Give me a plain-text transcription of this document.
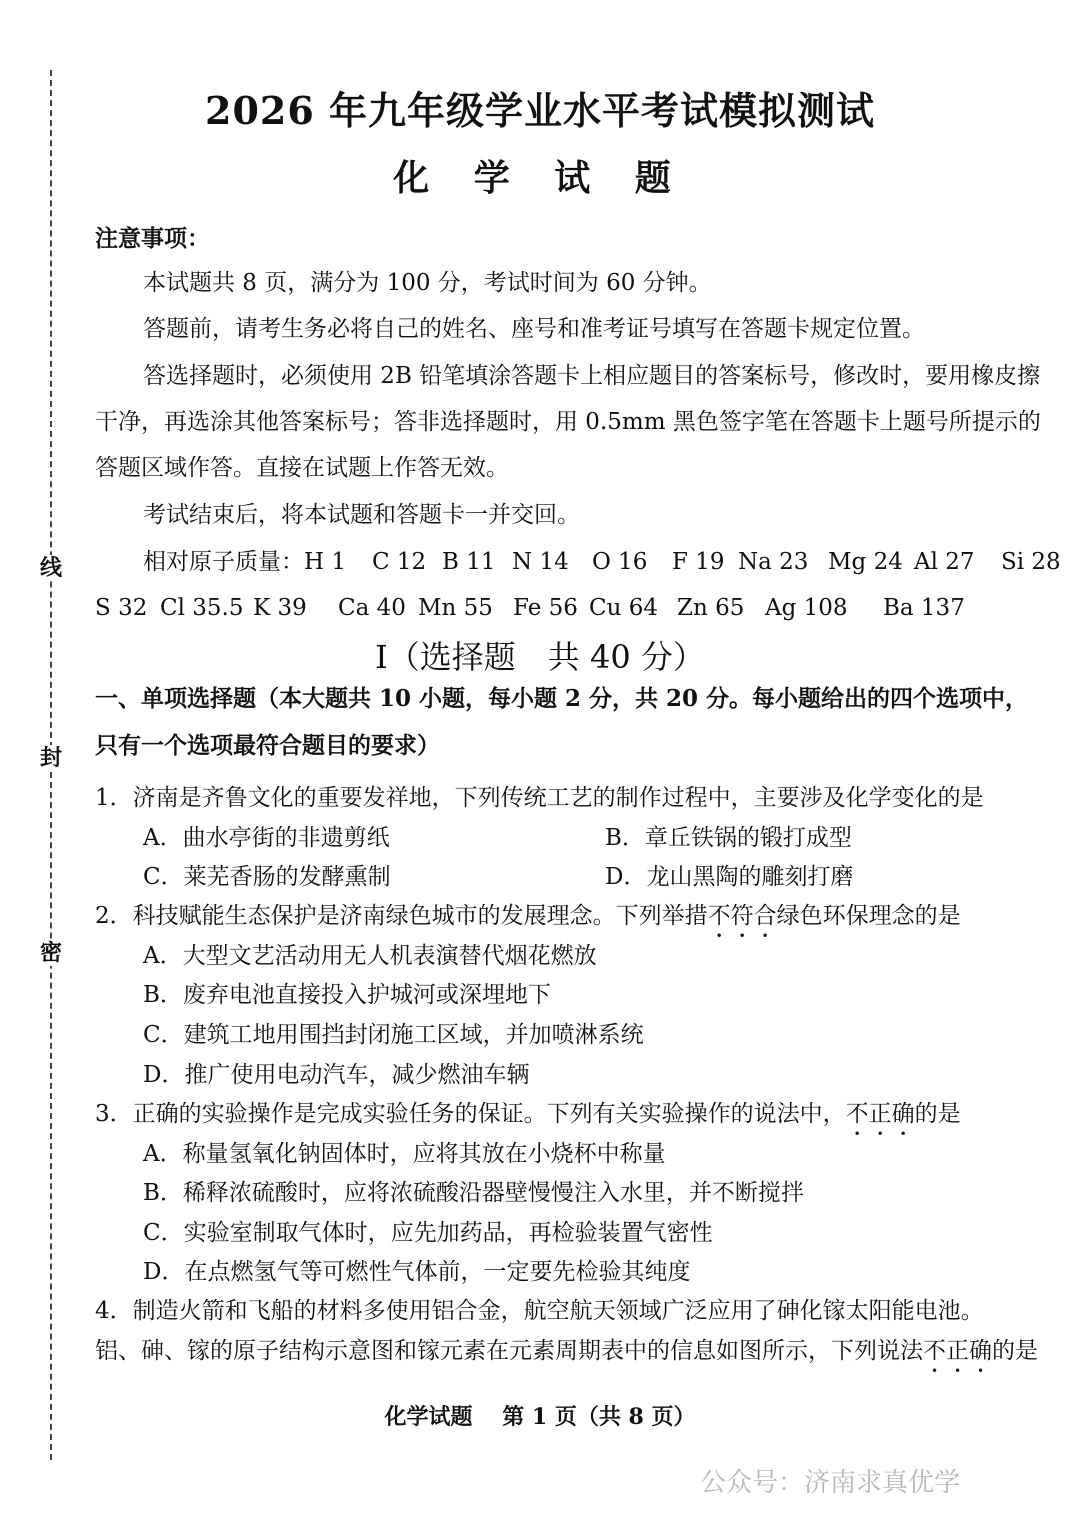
线
封
密
2026 年九年级学业水平考试模拟测试
化 学 试 题
注意事项：
本试题共 8 页，满分为 100 分，考试时间为 60 分钟。
答题前，请考生务必将自己的姓名、座号和准考证号填写在答题卡规定位置。
答选择题时，必须使用 2B 铅笔填涂答题卡上相应题目的答案标号，修改时，要用橡皮擦
干净，再选涂其他答案标号；答非选择题时，用 0.5mm 黑色签字笔在答题卡上题号所提示的
答题区域作答。直接在试题上作答无效。
考试结束后，将本试题和答题卡一并交回。
相对原子质量：H 1 C 12 B 11 N 14 O 16 F 19 Na 23 Mg 24 Al 27 Si 28
S 32 Cl 35.5 K 39 Ca 40 Mn 55 Fe 56 Cu 64 Zn 65 Ag 108 Ba 137
I（选择题　共 40 分）
一、单项选择题（本大题共 10 小题，每小题 2 分，共 20 分。每小题给出的四个选项中，
只有一个选项最符合题目的要求）
1．济南是齐鲁文化的重要发祥地，下列传统工艺的制作过程中，主要涉及化学变化的是
A．曲水亭街的非遗剪纸	B．章丘铁锅的锻打成型
C．莱芜香肠的发酵熏制	D．龙山黑陶的雕刻打磨
2．科技赋能生态保护是济南绿色城市的发展理念。下列举措不符合绿色环保理念的是
A．大型文艺活动用无人机表演替代烟花燃放
B．废弃电池直接投入护城河或深埋地下
C．建筑工地用围挡封闭施工区域，并加喷淋系统
D．推广使用电动汽车，减少燃油车辆
3．正确的实验操作是完成实验任务的保证。下列有关实验操作的说法中，不正确的是
A．称量氢氧化钠固体时，应将其放在小烧杯中称量
B．稀释浓硫酸时，应将浓硫酸沿器壁慢慢注入水里，并不断搅拌
C．实验室制取气体时，应先加药品，再检验装置气密性
D．在点燃氢气等可燃性气体前，一定要先检验其纯度
4．制造火箭和飞船的材料多使用铝合金，航空航天领域广泛应用了砷化镓太阳能电池。
铝、砷、镓的原子结构示意图和镓元素在元素周期表中的信息如图所示，下列说法不正确的是
化学试题　 第 1 页（共 8 页）
公众号：济南求真优学
